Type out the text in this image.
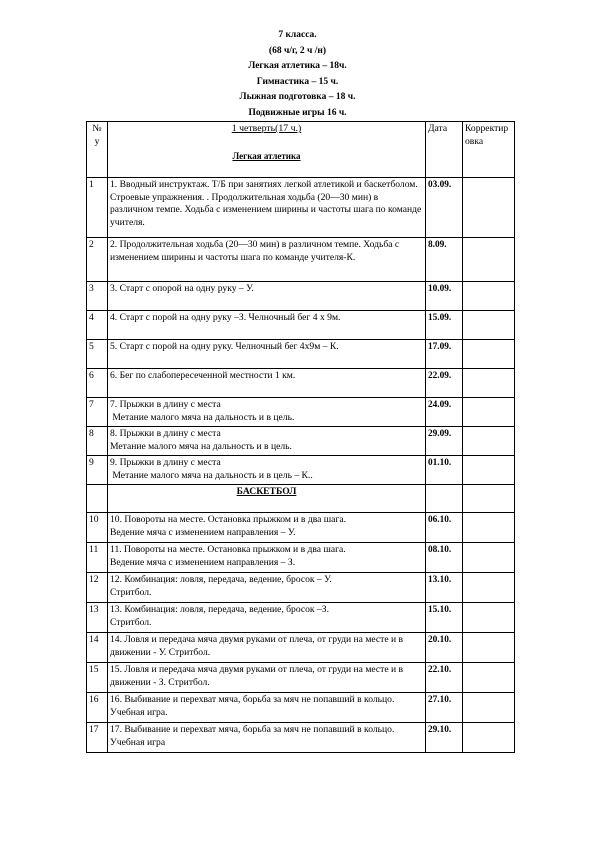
7 класса.
(68 ч/г, 2 ч /н)
Легкая атлетика – 18ч.
Гимнастика – 15 ч.
Лыжная подготовка – 18 ч.
Подвижные игры 16 ч.
№ у	1 четверть(17 ч.)
Легкая атлетика	Дата	Корректировка
1	1. Вводный инструктаж. Т/Б при занятиях легкой атлетикой и баскетболом. Строевые упражнения. . Продолжительная ходьба (20—30 мин) в различном темпе. Ходьба с изменением ширины и частоты шага по команде учителя.	03.09.	
2	2. Продолжительная ходьба (20—30 мин) в различном темпе. Ходьба с изменением ширины и частоты шага по команде учителя-К.	8.09.	
3	3. Старт с опорой на одну руку – У.	10.09.	
4	4. Старт с порой на одну руку –З. Челночный бег 4 х 9м.	15.09.	
5	5. Старт с порой на одну руку. Челночный бег 4х9м – К.	17.09.	
6	6. Бег по слабопересеченной местности 1 км.	22.09.	
7	7. Прыжки в длину с места
Метание малого мяча на дальность и в цель.	24.09.	
8	8. Прыжки в длину с места
Метание малого мяча на дальность и в цель.	29.09.	
9	9. Прыжки в длину с места
Метание малого мяча на дальность и в цель – К..	01.10.	
	БАСКЕТБОЛ		
10	10. Повороты на месте. Остановка прыжком и в два шага.
Ведение мяча с изменением направления – У.	06.10.	
11	11. Повороты на месте. Остановка прыжком и в два шага.
Ведение мяча с изменением направления – З.	08.10.	
12	12. Комбинация: ловля, передача, ведение, бросок – У.
Стритбол.	13.10.	
13	13. Комбинация: ловля, передача, ведение, бросок –З.
Стритбол.	15.10.	
14	14. Ловля и передача мяча двумя руками от плеча, от груди на месте и в движении - У. Стритбол.	20.10.	
15	15. Ловля и передача мяча двумя руками от плеча, от груди на месте и в движении - З. Стритбол.	22.10.	
16	16. Выбивание и перехват мяча, борьба за мяч не попавший в кольцо. Учебная игра.	27.10.	
17	17. Выбивание и перехват мяча, борьба за мяч не попавший в кольцо. Учебная игра	29.10.	
